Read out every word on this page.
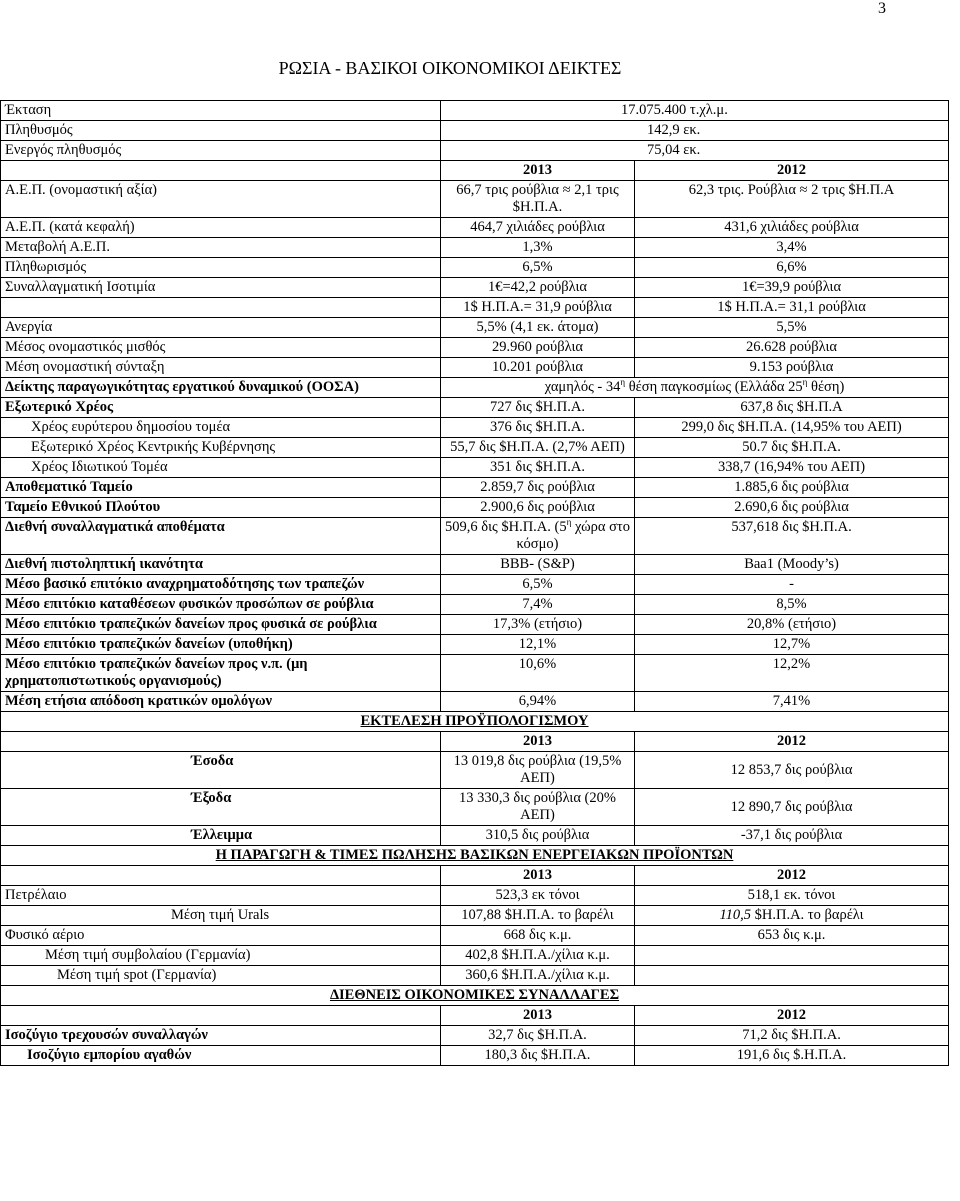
3
ΡΩΣΙΑ - ΒΑΣΙΚΟΙ ΟΙΚΟΝΟΜΙΚΟΙ ΔΕΙΚΤΕΣ
Έκταση	17.075.400 τ.χλ.μ.	
Πληθυσμός	142,9 εκ.	
Ενεργός πληθυσμός	75,04 εκ.	
	2013	2012
Α.Ε.Π. (ονομαστική αξία)	66,7 τρις ρούβλια ≈ 2,1 τρις $Η.Π.Α.	62,3 τρις. Ρούβλια ≈ 2 τρις $Η.Π.Α
Α.Ε.Π. (κατά κεφαλή)	464,7 χιλιάδες ρούβλια	431,6 χιλιάδες ρούβλια
Μεταβολή Α.Ε.Π.	1,3%	3,4%
Πληθωρισμός	6,5%	6,6%
Συναλλαγματική Ισοτιμία	1€=42,2 ρούβλια	1€=39,9 ρούβλια
	1$ Η.Π.Α.= 31,9 ρούβλια	1$ Η.Π.Α.= 31,1 ρούβλια
Ανεργία	5,5% (4,1 εκ. άτομα)	5,5%
Μέσος ονομαστικός μισθός	29.960 ρούβλια	26.628 ρούβλια
Μέση ονομαστική σύνταξη	10.201 ρούβλια	9.153 ρούβλια
Δείκτης παραγωγικότητας εργατικού δυναμικού (ΟΟΣΑ)	χαμηλός - $34^\eta$ θέση παγκοσμίως (Ελλάδα $25^\eta$ θέση)	
Εξωτερικό Χρέος	727 δις $Η.Π.Α.	637,8 δις $Η.Π.Α
Χρέος ευρύτερου δημοσίου τομέα	376 δις $Η.Π.Α.	299,0 δις $Η.Π.Α. (14,95% του ΑΕΠ)
Εξωτερικό Χρέος Κεντρικής Κυβέρνησης	55,7 δις $Η.Π.Α. (2,7% ΑΕΠ)	50.7 δις $Η.Π.Α.
Χρέος Ιδιωτικού Τομέα	351 δις $Η.Π.Α.	338,7 (16,94% του ΑΕΠ)
Αποθεματικό Ταμείο	2.859,7 δις ρούβλια	1.885,6 δις ρούβλια
Ταμείο Εθνικού Πλούτου	2.900,6 δις ρούβλια	2.690,6 δις ρούβλια
Διεθνή συναλλαγματικά αποθέματα	509,6 δις $Η.Π.Α. ($5^\eta$ χώρα στο κόσμο)	537,618 δις $Η.Π.Α.
Διεθνή πιστοληπτική ικανότητα	BBB- (S&P)	Baa1 (Moody’s)
Μέσο βασικό επιτόκιο αναχρηματοδότησης των τραπεζών	6,5%	-
Μέσο επιτόκιο καταθέσεων φυσικών προσώπων σε ρούβλια	7,4%	8,5%
Μέσο επιτόκιο τραπεζικών δανείων προς φυσικά σε ρούβλια	17,3% (ετήσιο)	20,8% (ετήσιο)
Μέσο επιτόκιο τραπεζικών δανείων (υποθήκη)	12,1%	12,7%
Μέσο επιτόκιο τραπεζικών δανείων προς ν.π. (μη χρηματοπιστωτικούς οργανισμούς)	10,6%	12,2%
Μέση ετήσια απόδοση κρατικών ομολόγων	6,94%	7,41%
ΕΚΤΕΛΕΣΗ ΠΡΟΫΠΟΛΟΓΙΣΜΟΥ		
	2013	2012
Έσοδα	13 019,8 δις ρούβλια (19,5% ΑΕΠ)	12 853,7 δις ρούβλια
Έξοδα	13 330,3 δις ρούβλια (20% ΑΕΠ)	12 890,7 δις ρούβλια
Έλλειμμα	310,5 δις ρούβλια	-37,1 δις ρούβλια
Η ΠΑΡΑΓΩΓΗ & ΤΙΜΕΣ ΠΩΛΗΣΗΣ ΒΑΣΙΚΩΝ ΕΝΕΡΓΕΙΑΚΩΝ ΠΡΟΪΟΝΤΩΝ		
	2013	2012
Πετρέλαιο	523,3 εκ τόνοι	518,1 εκ. τόνοι
Μέση τιμή Urals	107,88 $Η.Π.Α. το βαρέλι	110,5 $Η.Π.Α. το βαρέλι
Φυσικό αέριο	668 δις κ.μ.	653 δις κ.μ.
Μέση τιμή συμβολαίου (Γερμανία)	402,8 $Η.Π.Α./χίλια κ.μ.	
Μέση τιμή spot (Γερμανία)	360,6 $Η.Π.Α./χίλια κ.μ.	
ΔΙΕΘΝΕΙΣ ΟΙΚΟΝΟΜΙΚΕΣ ΣΥΝΑΛΛΑΓΕΣ		
	2013	2012
Ισοζύγιο τρεχουσών συναλλαγών	32,7 δις $Η.Π.Α.	71,2 δις $Η.Π.Α.
Ισοζύγιο εμπορίου αγαθών	180,3 δις $Η.Π.Α.	191,6 δις $.Η.Π.Α.
